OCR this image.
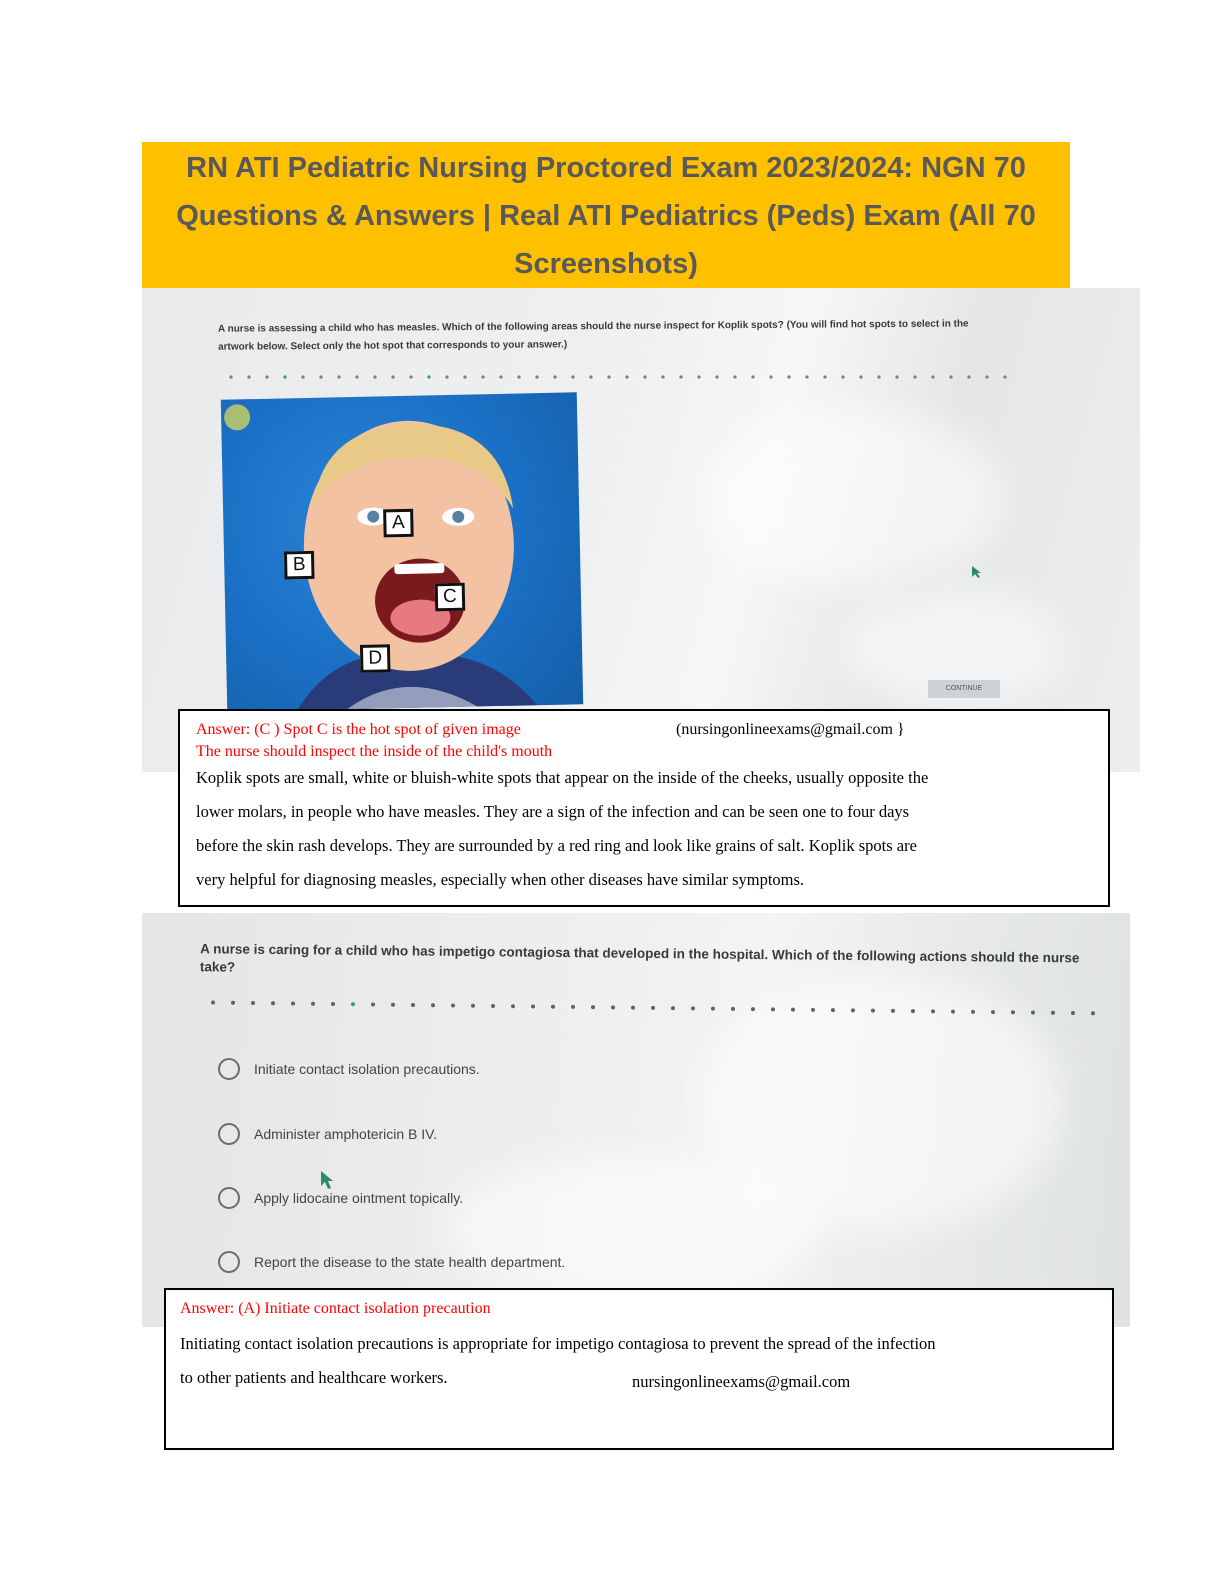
RN ATI Pediatric Nursing Proctored Exam 2023/2024: NGN 70
Questions & Answers | Real ATI Pediatrics (Peds) Exam (All 70
Screenshots)
A nurse is assessing a child who has measles. Which of the following areas should the nurse inspect for Koplik spots? (You will find hot spots to select in the artwork below. Select only the hot spot that corresponds to your answer.)
A
B
C
D
CONTINUE
Answer: (C ) Spot C is the hot spot of given image	(nursingonlineexams@gmail.com }
The nurse should inspect the inside of the child's mouth
Koplik spots are small, white or bluish-white spots that appear on the inside of the cheeks, usually opposite the
lower molars, in people who have measles. They are a sign of the infection and can be seen one to four days
before the skin rash develops. They are surrounded by a red ring and look like grains of salt. Koplik spots are
very helpful for diagnosing measles, especially when other diseases have similar symptoms.
A nurse is caring for a child who has impetigo contagiosa that developed in the hospital. Which of the following actions should the nurse take?
Initiate contact isolation precautions.
Administer amphotericin B IV.
Apply lidocaine ointment topically.
Report the disease to the state health department.
Answer: (A) Initiate contact isolation precaution
Initiating contact isolation precautions is appropriate for impetigo contagiosa to prevent the spread of the infection
to other patients and healthcare workers.	nursingonlineexams@gmail.com
